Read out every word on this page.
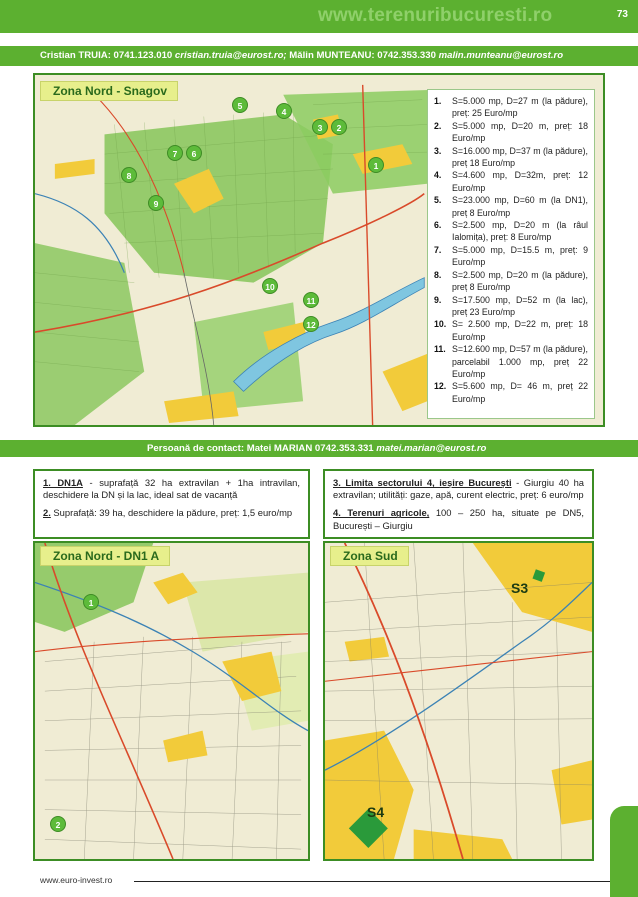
www.terenuribucuresti.ro	73
Cristian TRUIA: 0741.123.010 cristian.truia@eurost.ro; Mălin MUNTEANU: 0742.353.330 malin.munteanu@eurost.ro
Zona Nord - Snagov
5
4
3	2
7	6
8
1
9
10
11
12
1.	S=5.000 mp, D=27 m (la pădure), preț: 25 Euro/mp
2.	S=5.000 mp, D=20 m, preț: 18 Euro/mp
3.	S=16.000 mp, D=37 m (la pădure), preț 18 Euro/mp
4.	S=4.600 mp, D=32m, preț: 12 Euro/mp
5.	S=23.000 mp, D=60 m (la DN1), preț 8 Euro/mp
6.	S=2.500 mp, D=20 m (la râul Ialomița), preț: 8 Euro/mp
7.	S=5.000 mp, D=15.5 m, preț: 9 Euro/mp
8.	S=2.500 mp, D=20 m (la pădure), preț 8 Euro/mp
9.	S=17.500 mp, D=52 m (la lac), preț 23 Euro/mp
10. S= 2.500 mp, D=22 m, preț: 18 Euro/mp
11. S=12.600 mp, D=57 m (la pădure), parcelabil 1.000 mp, preț 22 Euro/mp
12. S=5.600 mp, D= 46 m, preț 22 Euro/mp
Persoană de contact: Matei MARIAN 0742.353.331 matei.marian@eurost.ro

1. DN1A - suprafață 32 ha extravilan + 1ha intravilan, deschidere la DN și la lac, ideal sat de vacanță

2. Suprafață: 39 ha, deschidere la pădure, preț: 1,5 euro/mp

Zona Nord - DN1 A
1
2

3. Limita sectorului 4, ieșire București - Giurgiu 40 ha extravilan; utilități: gaze, apă, curent electric, preț: 6 euro/mp

4. Terenuri agricole, 100 – 250 ha, situate pe DN5, București – Giurgiu

Zona Sud
S3
S4
www.euro-invest.ro
